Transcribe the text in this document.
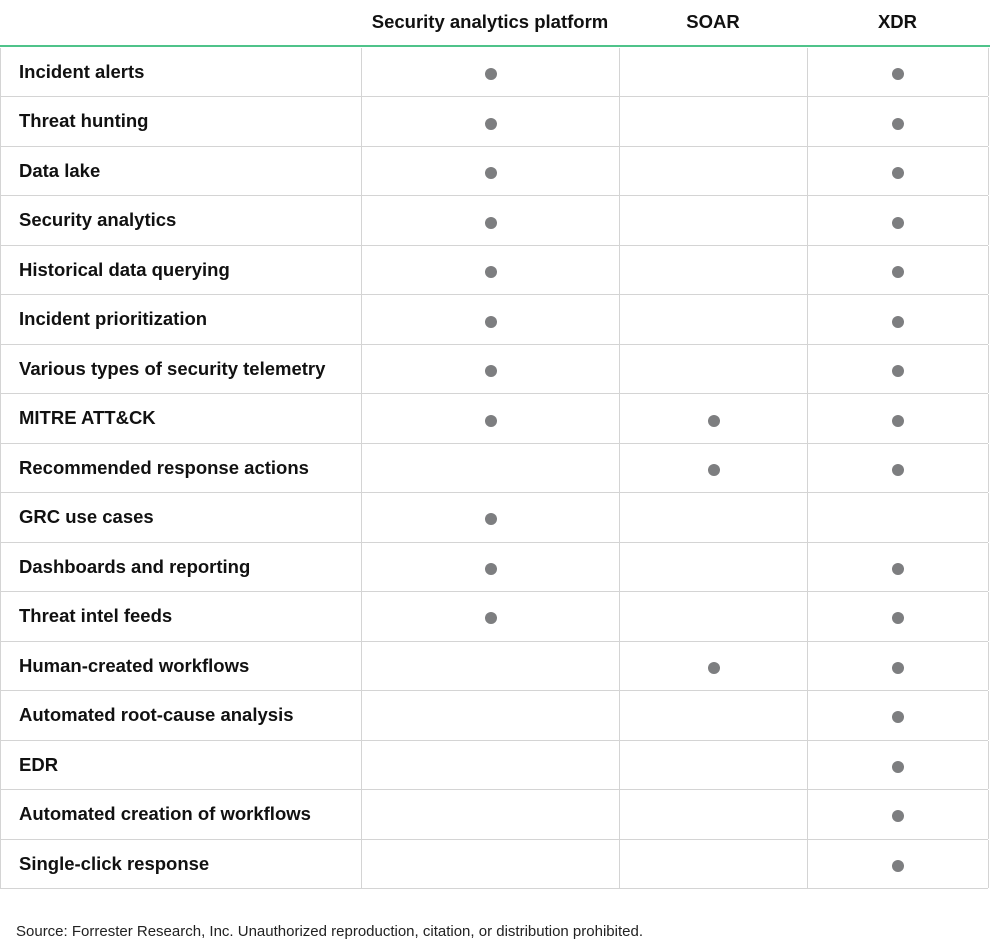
Security analytics platform	SOAR	XDR
Incident alerts
Threat hunting
Data lake
Security analytics
Historical data querying
Incident prioritization
Various types of security telemetry
MITRE ATT&CK
Recommended response actions
GRC use cases
Dashboards and reporting
Threat intel feeds
Human-created workflows
Automated root-cause analysis
EDR
Automated creation of workflows
Single-click response
Source: Forrester Research, Inc. Unauthorized reproduction, citation, or distribution prohibited.
